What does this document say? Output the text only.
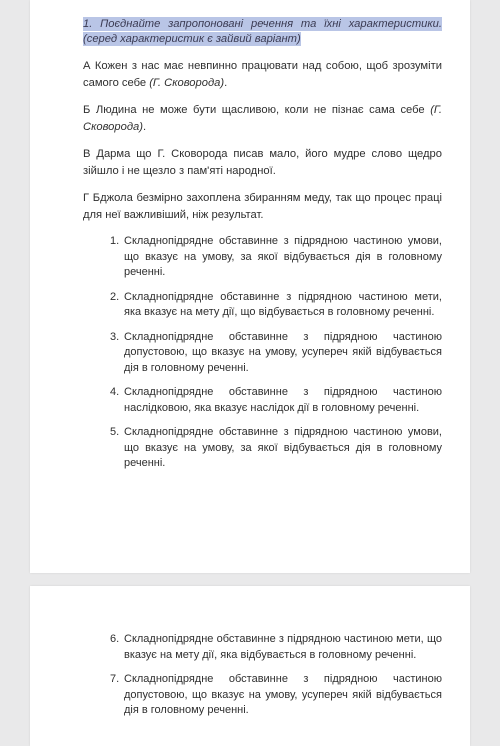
1. Поєднайте запропоновані речення та їхні характеристики.(серед характеристик є зайвий варіант)

А Кожен з нас має невпинно працювати над собою, щоб зрозуміти самого себе (Г. Сковорода).

Б Людина не може бути щасливою, коли не пізнає сама себе (Г. Сковорода).

В Дарма що Г. Сковорода писав мало, його мудре слово щедро зійшло і не щезло з пам'яті народної.

Г Бджола безмірно захоплена збиранням меду, так що процес праці для неї важливіший, ніж результат.

1. Складнопідрядне обставинне з підрядною частиною умови, що вказує на умову, за якої відбувається дія в головному реченні.
2. Складнопідрядне обставинне з підрядною частиною мети, яка вказує на мету дії, що відбувається в головному реченні.
3. Складнопідрядне обставинне з підрядною частиною допустовою, що вказує на умову, усупереч якій відбувається дія в головному реченні.
4. Складнопідрядне обставинне з підрядною частиною наслідковою, яка вказує наслідок дії в головному реченні.
5. Складнопідрядне обставинне з підрядною частиною умови, що вказує на умову, за якої відбувається дія в головному реченні.
6. Складнопідрядне обставинне з підрядною частиною мети, що вказує на мету дії, яка відбувається в головному реченні.
7. Складнопідрядне обставинне з підрядною частиною допустовою, що вказує на умову, усупереч якій відбувається дія в головному реченні.
